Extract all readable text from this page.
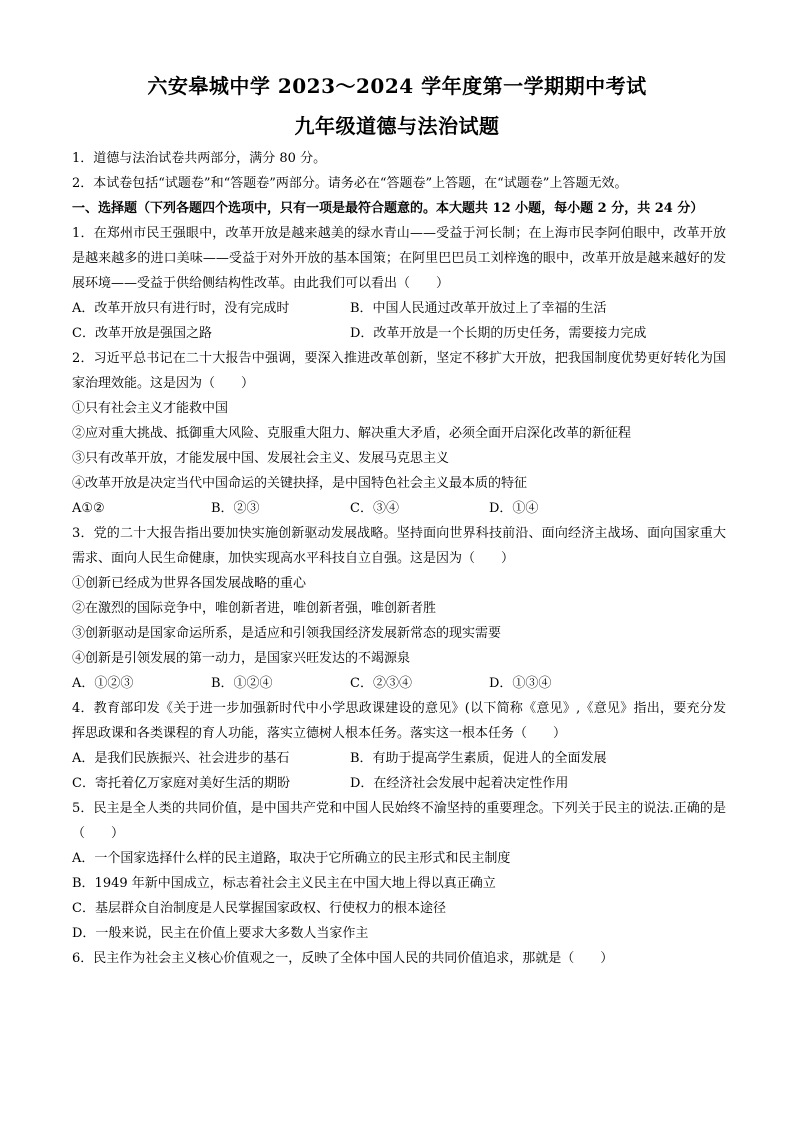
六安皋城中学 2023～2024 学年度第一学期期中考试
九年级道德与法治试题
1．道德与法治试卷共两部分，满分 80 分。
2．本试卷包括“试题卷”和“答题卷”两部分。请务必在“答题卷”上答题，在“试题卷”上答题无效。
一、选择题（下列各题四个选项中，只有一项是最符合题意的。本大题共 12 小题，每小题 2 分，共 24 分）
1．在郑州市民王强眼中，改革开放是越来越美的绿水青山——受益于河长制；在上海市民李阿伯眼中，改革开放是越来越多的进口美味——受益于对外开放的基本国策；在阿里巴巴员工刘梓逸的眼中，改革开放是越来越好的发展环境——受益于供给侧结构性改革。由此我们可以看出（　　）
A．改革开放只有进行时，没有完成时	B．中国人民通过改革开放过上了幸福的生活
C．改革开放是强国之路	D．改革开放是一个长期的历史任务，需要接力完成
2．习近平总书记在二十大报告中强调，要深入推进改革创新，坚定不移扩大开放，把我国制度优势更好转化为国家治理效能。这是因为（　　）
①只有社会主义才能救中国
②应对重大挑战、抵御重大风险、克服重大阻力、解决重大矛盾，必须全面开启深化改革的新征程
③只有改革开放，才能发展中国、发展社会主义、发展马克思主义
④改革开放是决定当代中国命运的关键抉择，是中国特色社会主义最本质的特征
A①②	B．②③	C．③④	D．①④
3．党的二十大报告指出要加快实施创新驱动发展战略。坚持面向世界科技前沿、面向经济主战场、面向国家重大需求、面向人民生命健康，加快实现高水平科技自立自强。这是因为（　　）
①创新已经成为世界各国发展战略的重心
②在激烈的国际竞争中，唯创新者进，唯创新者强，唯创新者胜
③创新驱动是国家命运所系，是适应和引领我国经济发展新常态的现实需要
④创新是引领发展的第一动力，是国家兴旺发达的不竭源泉
A．①②③	B．①②④	C．②③④	D．①③④
4．教育部印发《关于进一步加强新时代中小学思政课建设的意见》(以下简称《意见》,《意见》指出，要充分发挥思政课和各类课程的育人功能，落实立德树人根本任务。落实这一根本任务（　　）
A．是我们民族振兴、社会进步的基石	B．有助于提高学生素质，促进人的全面发展
C．寄托着亿万家庭对美好生活的期盼	D．在经济社会发展中起着决定性作用
5．民主是全人类的共同价值，是中国共产党和中国人民始终不渝坚持的重要理念。下列关于民主的说法.正确的是（　　）
A．一个国家选择什么样的民主道路，取决于它所确立的民主形式和民主制度
B．1949 年新中国成立，标志着社会主义民主在中国大地上得以真正确立
C．基层群众自治制度是人民掌握国家政权、行使权力的根本途径
D．一般来说，民主在价值上要求大多数人当家作主
6．民主作为社会主义核心价值观之一，反映了全体中国人民的共同价值追求，那就是（　　）
